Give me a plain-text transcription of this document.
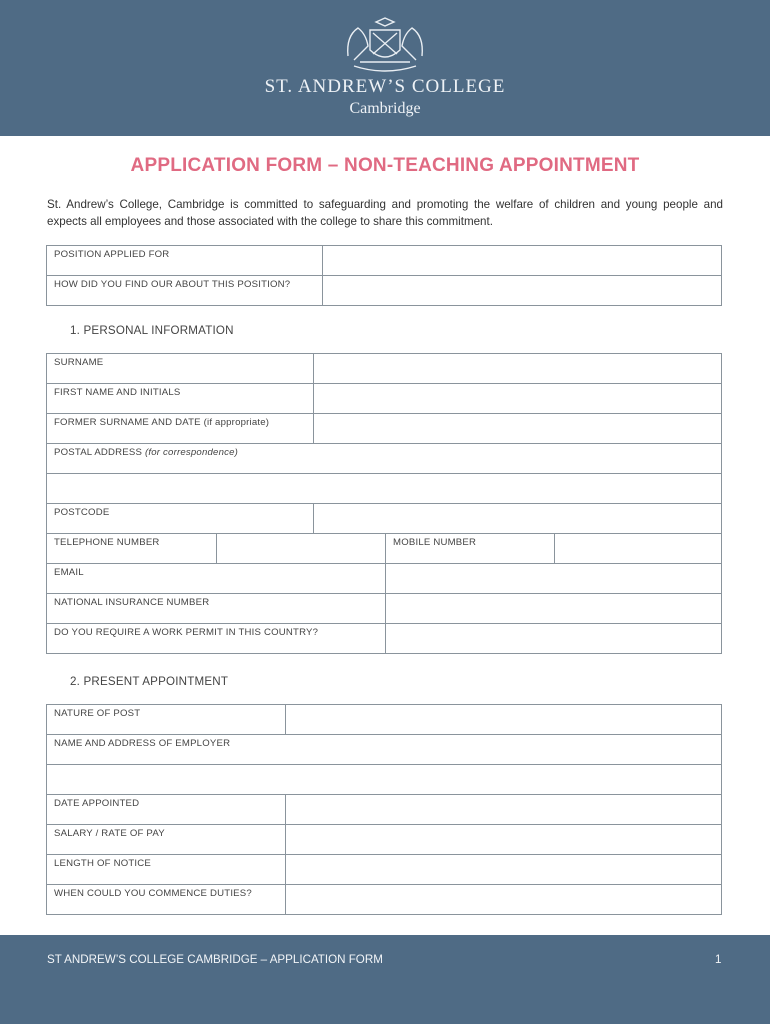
ST. ANDREW’S COLLEGE
Cambridge
APPLICATION FORM – NON-TEACHING APPOINTMENT
St. Andrew’s College, Cambridge is committed to safeguarding and promoting the welfare of children and young people and expects all employees and those associated with the college to share this commitment.
POSITION APPLIED FOR
HOW DID YOU FIND OUR ABOUT THIS POSITION?
1. PERSONAL INFORMATION
SURNAME
FIRST NAME AND INITIALS
FORMER SURNAME AND DATE (if appropriate)
POSTAL ADDRESS (for correspondence)
POSTCODE
TELEPHONE NUMBER	MOBILE NUMBER
EMAIL
NATIONAL INSURANCE NUMBER
DO YOU REQUIRE A WORK PERMIT IN THIS COUNTRY?
2. PRESENT APPOINTMENT
NATURE OF POST
NAME AND ADDRESS OF EMPLOYER
DATE APPOINTED
SALARY / RATE OF PAY
LENGTH OF NOTICE
WHEN COULD YOU COMMENCE DUTIES?
ST ANDREW’S COLLEGE CAMBRIDGE – APPLICATION FORM	1
